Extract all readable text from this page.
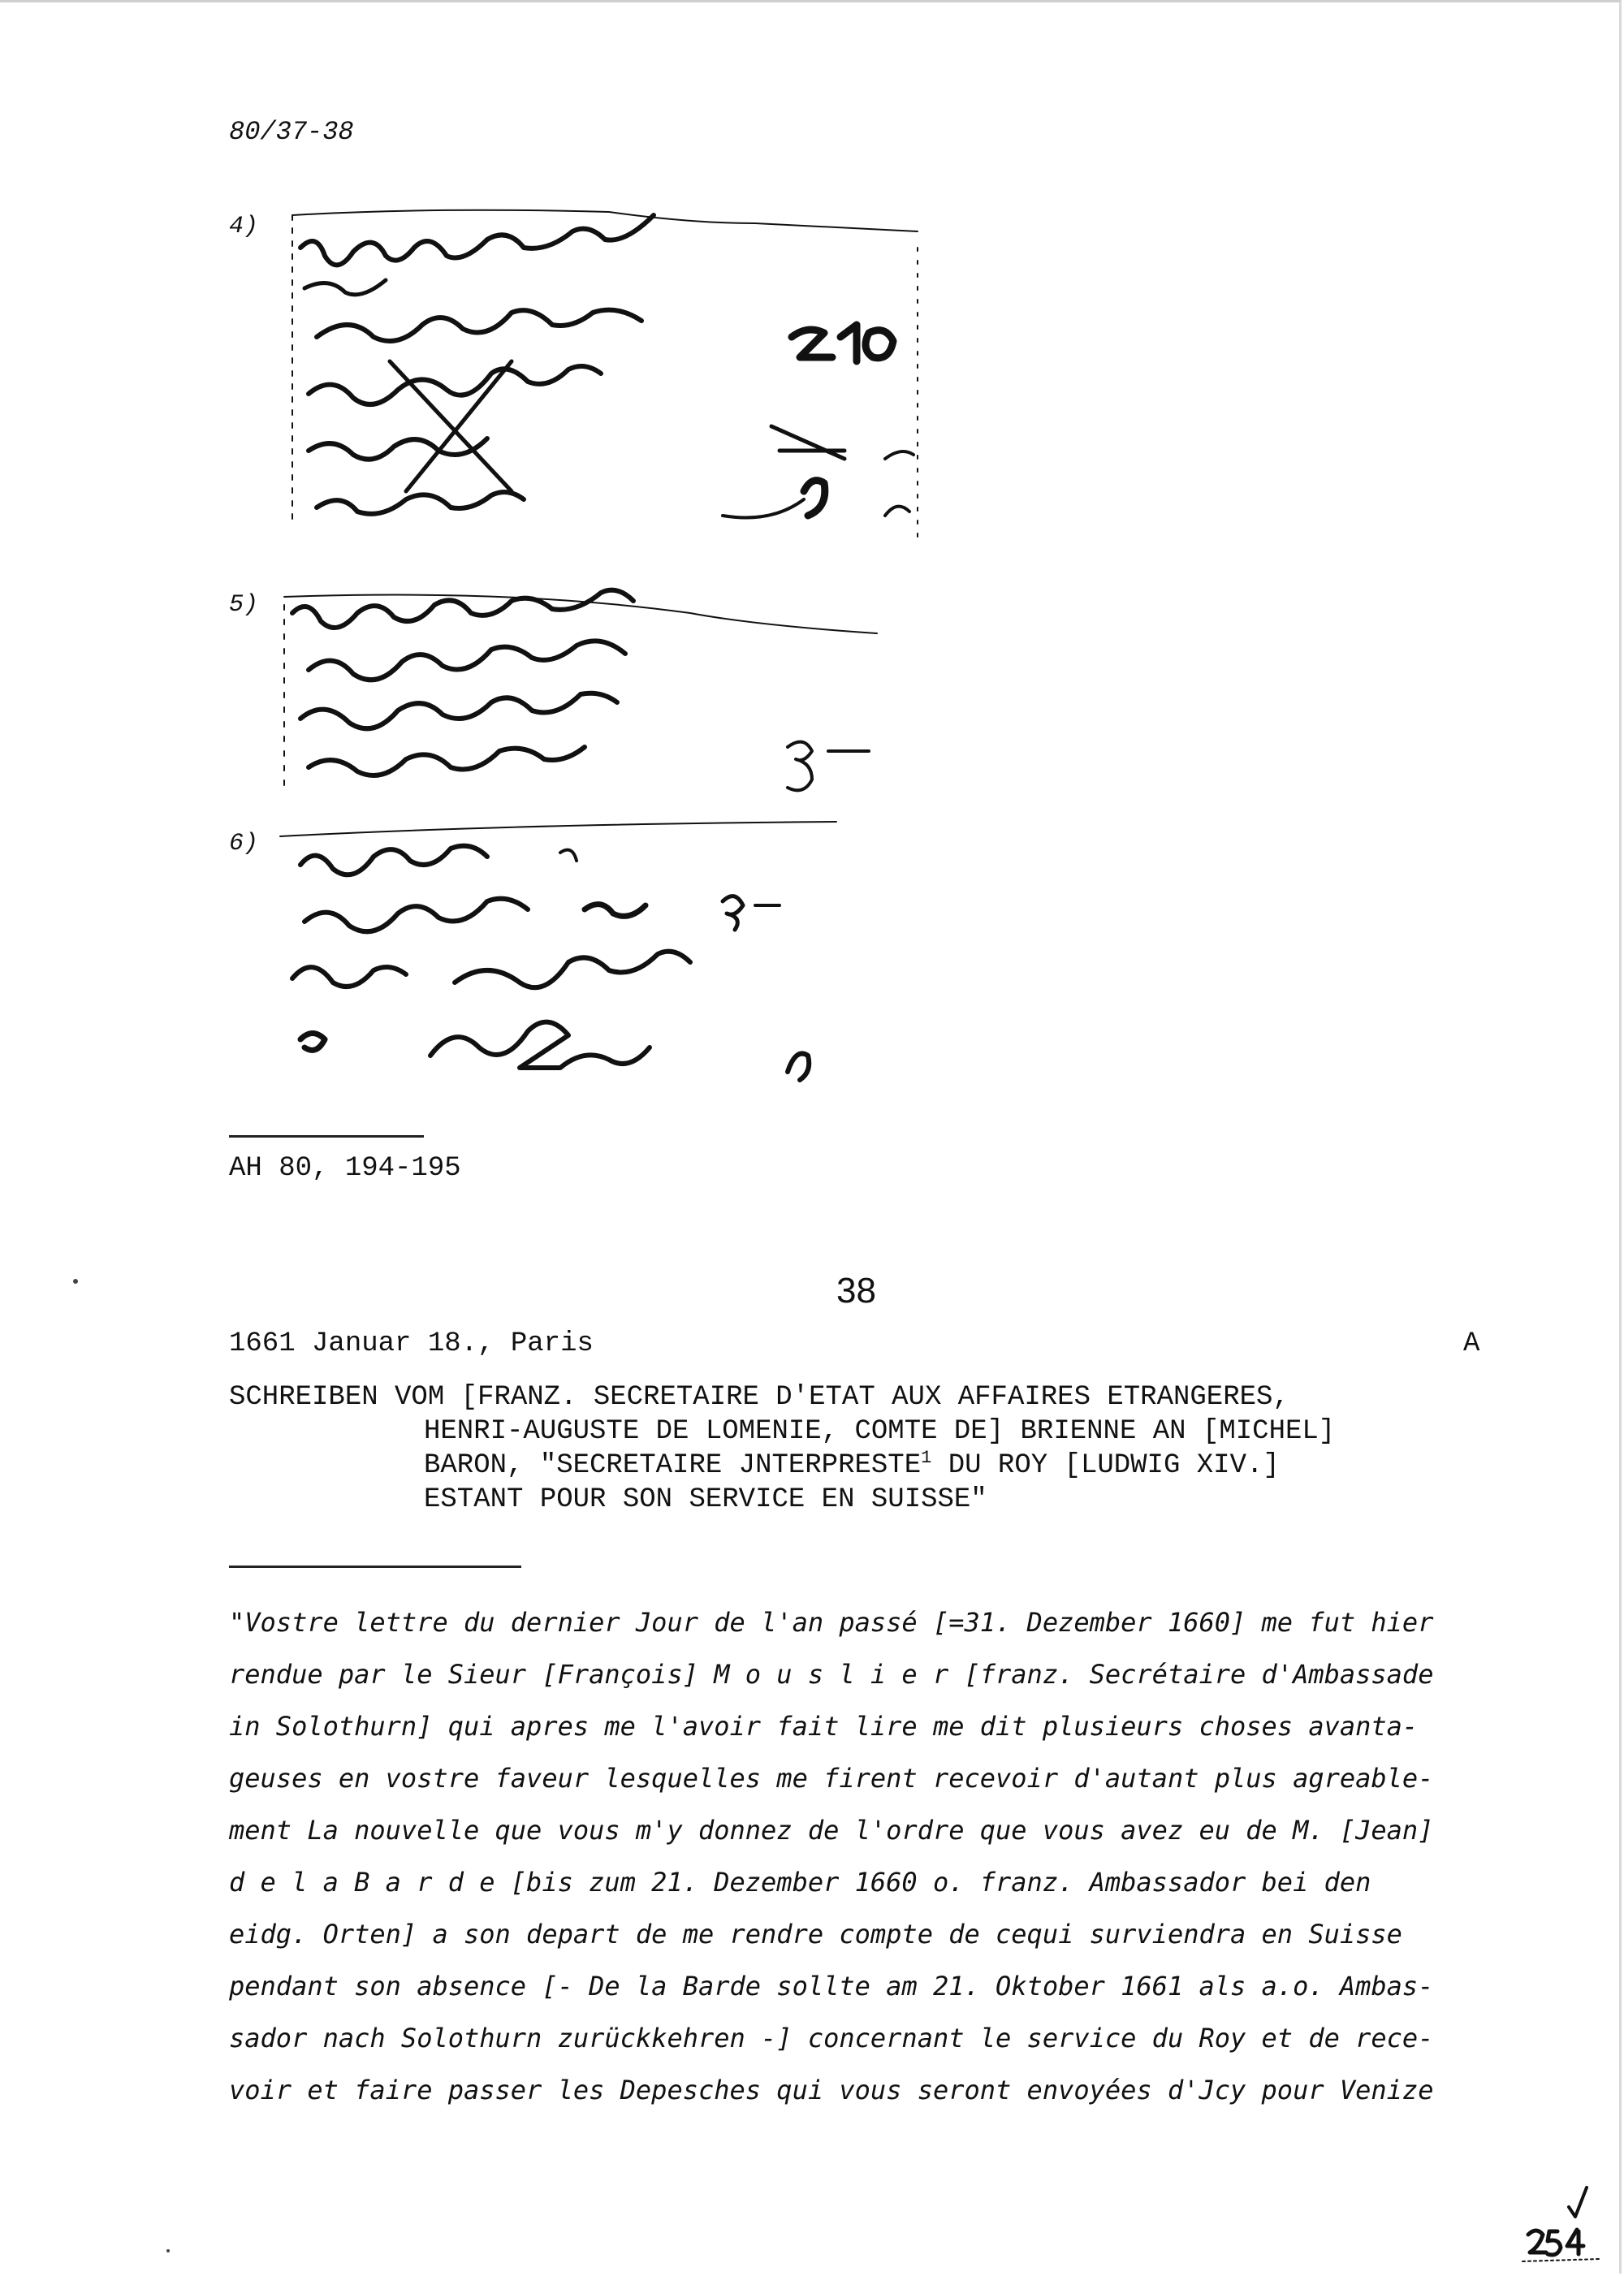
80/37-38
4)
5)
6)
AH 80, 194-195
38
1661 Januar 18., Paris	A
SCHREIBEN VOM [FRANZ. SECRETAIRE D'ETAT AUX AFFAIRES ETRANGERES,
HENRI-AUGUSTE DE LOMENIE, COMTE DE] BRIENNE AN [MICHEL]
BARON, "SECRETAIRE JNTERPRESTE$^1$ DU ROY [LUDWIG XIV.]
ESTANT POUR SON SERVICE EN SUISSE"
"Vostre lettre du dernier Jour de l'an passé [=31. Dezember 1660] me fut hier
rendue par le Sieur [François] M o u s l i e r [franz. Secrétaire d'Ambassade
in Solothurn] qui apres me l'avoir fait lire me dit plusieurs choses avanta-
geuses en vostre faveur lesquelles me firent recevoir d'autant plus agreable-
ment La nouvelle que vous m'y donnez de l'ordre que vous avez eu de M. [Jean]
d e l a B a r d e [bis zum 21. Dezember 1660 o. franz. Ambassador bei den
eidg. Orten] a son depart de me rendre compte de cequi surviendra en Suisse
pendant son absence [- De la Barde sollte am 21. Oktober 1661 als a.o. Ambas-
sador nach Solothurn zurückkehren -] concernant le service du Roy et de rece-
voir et faire passer les Depesches qui vous seront envoyées d'Jcy pour Venize
